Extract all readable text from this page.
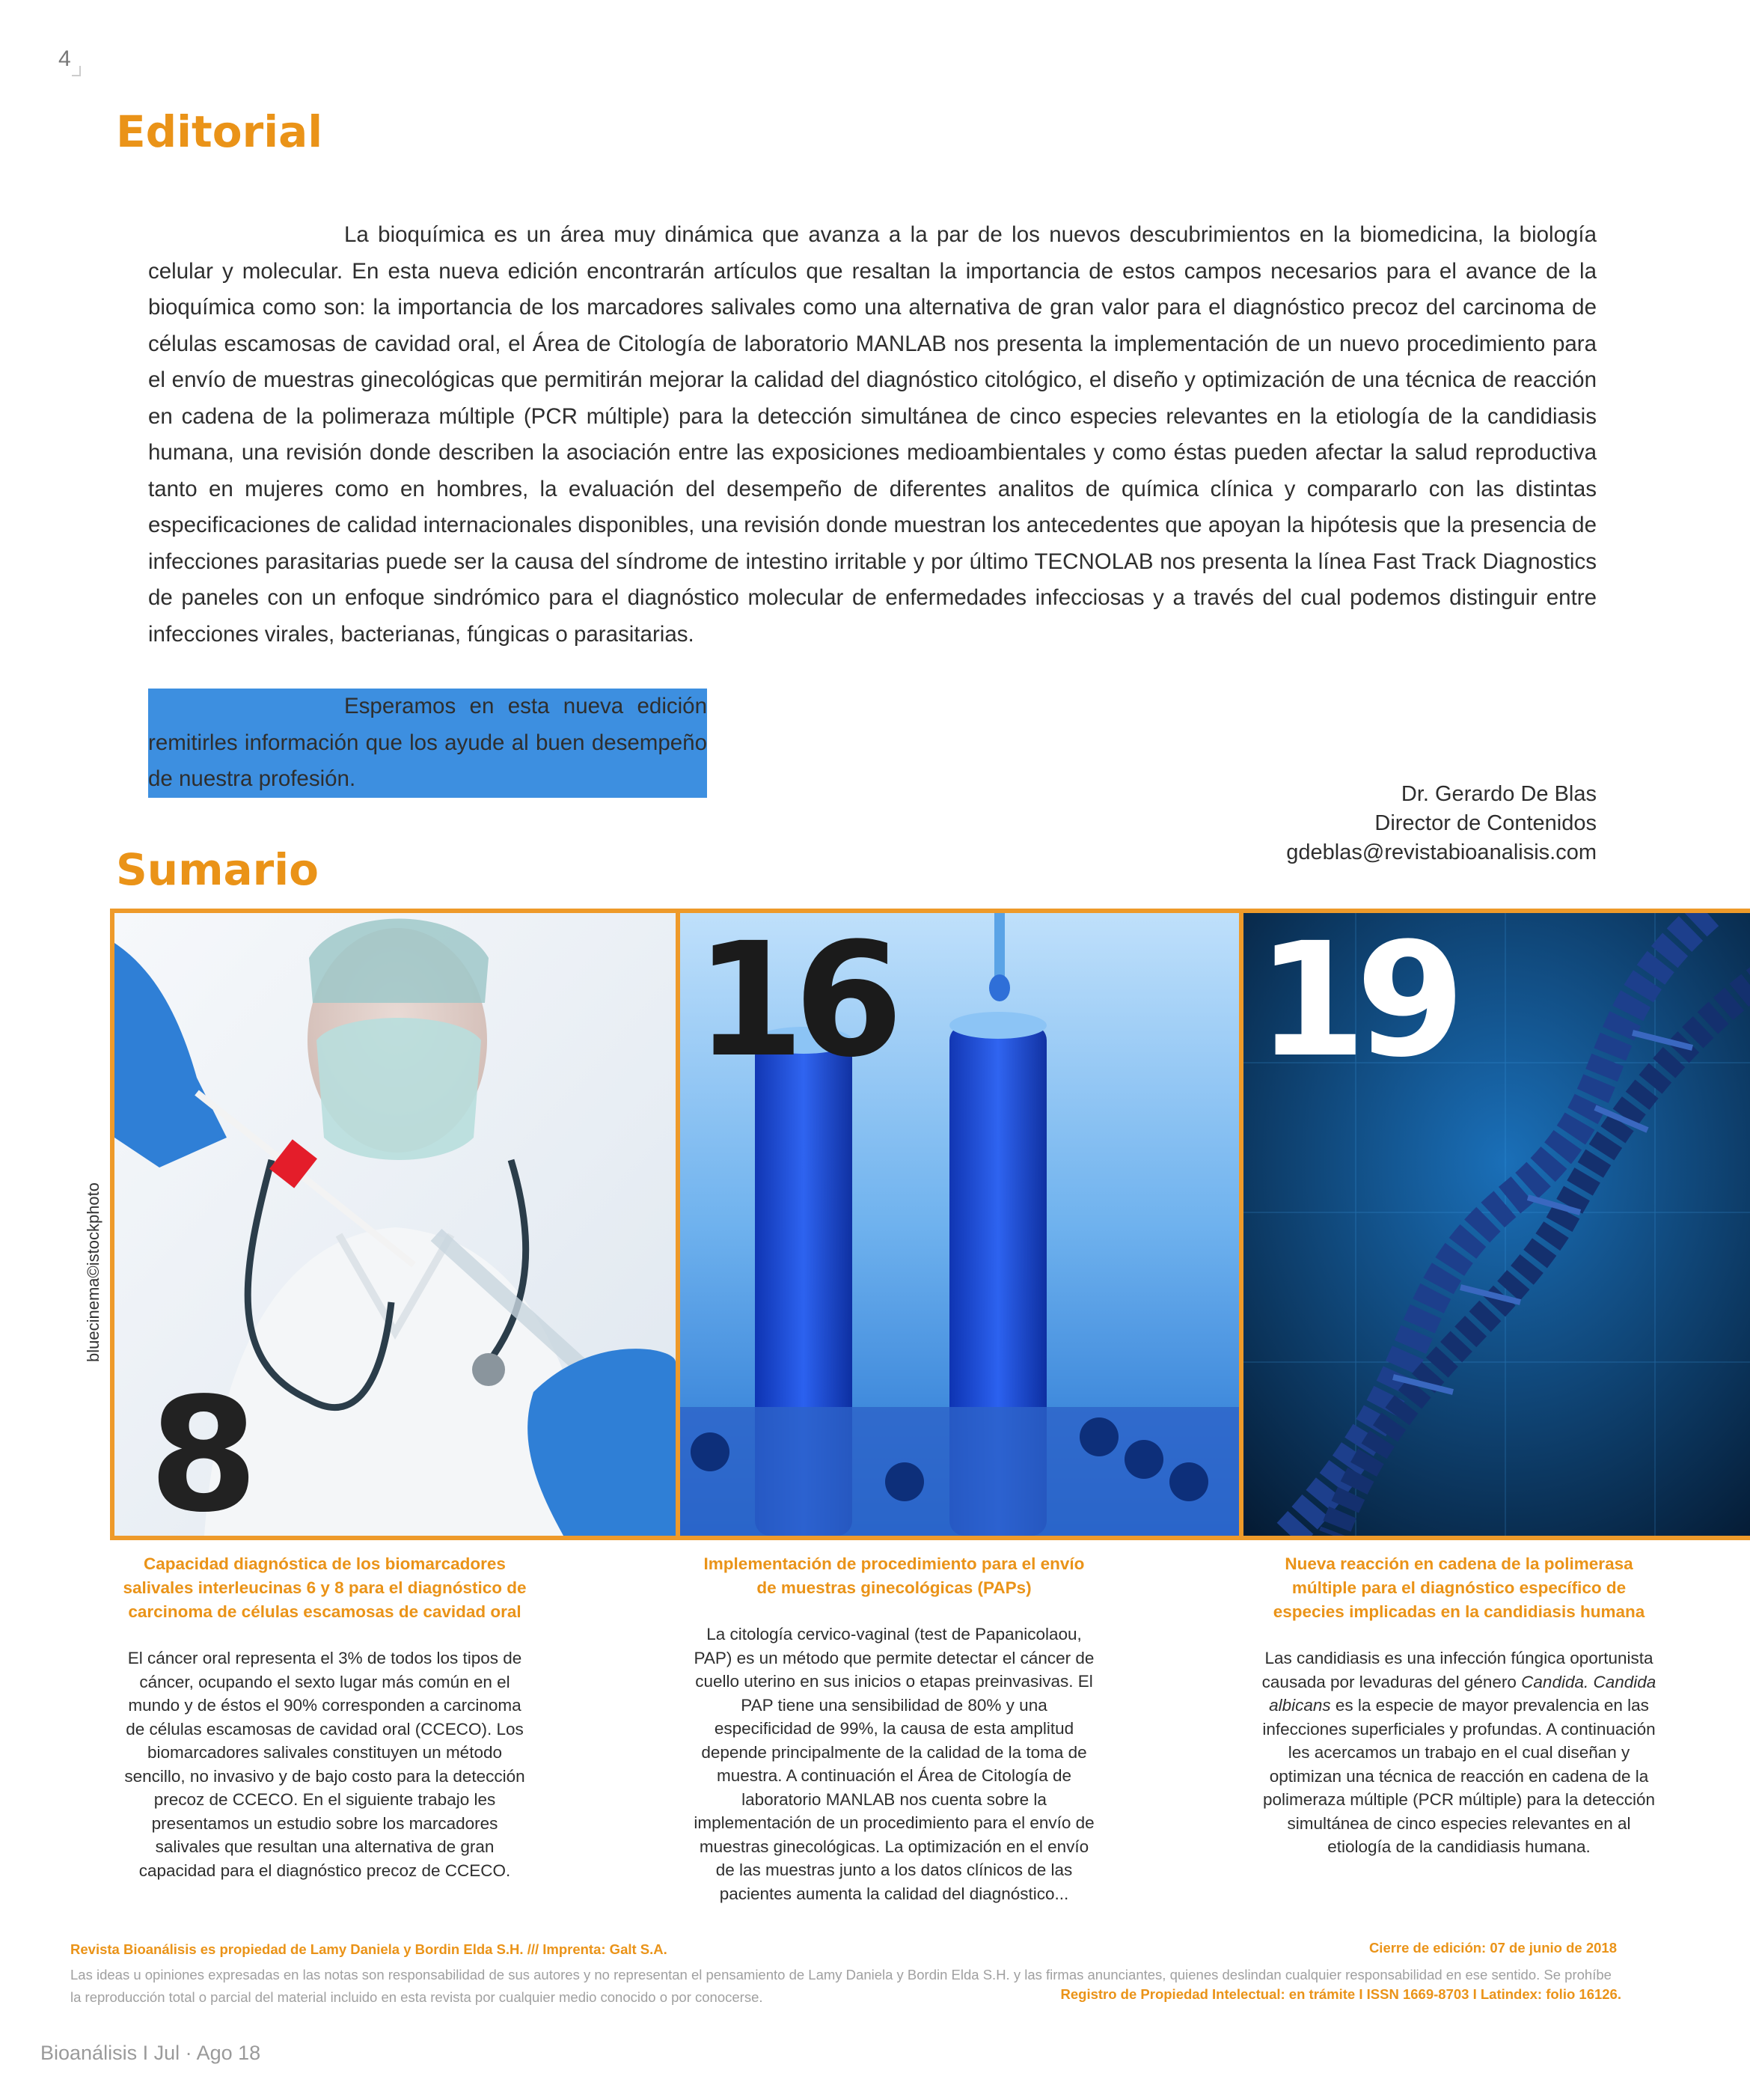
4
Editorial

La bioquímica es un área muy dinámica que avanza a la par de los nuevos descubrimientos en la biomedicina, la biología celular y molecular. En esta nueva edición encontrarán artículos que resaltan la importancia de estos campos necesarios para el avance de la bioquímica como son: la importancia de los marcadores salivales como una alternativa de gran valor para el diagnóstico precoz del carcinoma de células escamosas de cavidad oral, el Área de Citología de laboratorio MANLAB nos presenta la implementación de un nuevo procedimiento para el envío de muestras ginecológicas que permitirán mejorar la calidad del diagnóstico citológico, el diseño y optimización de una técnica de reacción en cadena de la polimeraza múltiple (PCR múltiple) para la detección simultánea de cinco especies relevantes en la etiología de la candidiasis humana, una revisión donde describen la asociación entre las exposiciones medioambientales y como éstas pueden afectar la salud reproductiva tanto en mujeres como en hombres, la evaluación del desempeño de diferentes analitos de química clínica y compararlo con las distintas especificaciones de calidad internacionales disponibles, una revisión donde muestran los antecedentes que apoyan la hipótesis que la presencia de infecciones parasitarias puede ser la causa del síndrome de intestino irritable y por último TECNOLAB nos presenta la línea Fast Track Diagnostics de paneles con un enfoque sindrómico para el diagnóstico molecular de enfermedades infecciosas y a través del cual podemos distinguir entre infecciones virales, bacterianas, fúngicas o parasitarias.

Esperamos en esta nueva edición remitirles información que los ayude al buen desempeño de nuestra profesión.

Dr. Gerardo De Blas
Director de Contenidos
gdeblas@revistabioanalisis.com
Sumario
bluecinema©istockphoto
8
16 19
Capacidad diagnóstica de los biomarcadores salivales interleucinas 6 y 8 para el diagnóstico de carcinoma de células escamosas de cavidad oral
El cáncer oral representa el 3% de todos los tipos de cáncer, ocupando el sexto lugar más común en el mundo y de éstos el 90% corresponden a carcinoma de células escamosas de cavidad oral (CCECO). Los biomarcadores salivales constituyen un método sencillo, no invasivo y de bajo costo para la detección precoz de CCECO. En el siguiente trabajo les presentamos un estudio sobre los marcadores salivales que resultan una alternativa de gran capacidad para el diagnóstico precoz de CCECO.
Implementación de procedimiento para el envío de muestras ginecológicas (PAPs)
La citología cervico-vaginal (test de Papanicolaou, PAP) es un método que permite detectar el cáncer de cuello uterino en sus inicios o etapas preinvasivas. El PAP tiene una sensibilidad de 80% y una especificidad de 99%, la causa de esta amplitud depende principalmente de la calidad de la toma de muestra. A continuación el Área de Citología de laboratorio MANLAB nos cuenta sobre la implementación de un procedimiento para el envío de muestras ginecológicas. La optimización en el envío de las muestras junto a los datos clínicos de las pacientes aumenta la calidad del diagnóstico...
Nueva reacción en cadena de la polimerasa múltiple para el diagnóstico específico de especies implicadas en la candidiasis humana
Las candidiasis es una infección fúngica oportunista causada por levaduras del género Candida. Candida albicans es la especie de mayor prevalencia en las infecciones superficiales y profundas. A continuación les acercamos un trabajo en el cual diseñan y optimizan una técnica de reacción en cadena de la polimeraza múltiple (PCR múltiple) para la detección simultánea de cinco especies relevantes en al etiología de la candidiasis humana.
Revista Bioanálisis es propiedad de Lamy Daniela y Bordin Elda S.H. /// Imprenta: Galt S.A.	Cierre de edición: 07 de junio de 2018
Las ideas u opiniones expresadas en las notas son responsabilidad de sus autores y no representan el pensamiento de Lamy Daniela y Bordin Elda S.H. y las firmas anunciantes, quienes deslindan cualquier responsabilidad en ese sentido. Se prohíbe la reproducción total o parcial del material incluido en esta revista por cualquier medio conocido o por conocerse.	Registro de Propiedad Intelectual: en trámite I ISSN 1669-8703 I Latindex: folio 16126.
Bioanálisis I Jul · Ago 18
